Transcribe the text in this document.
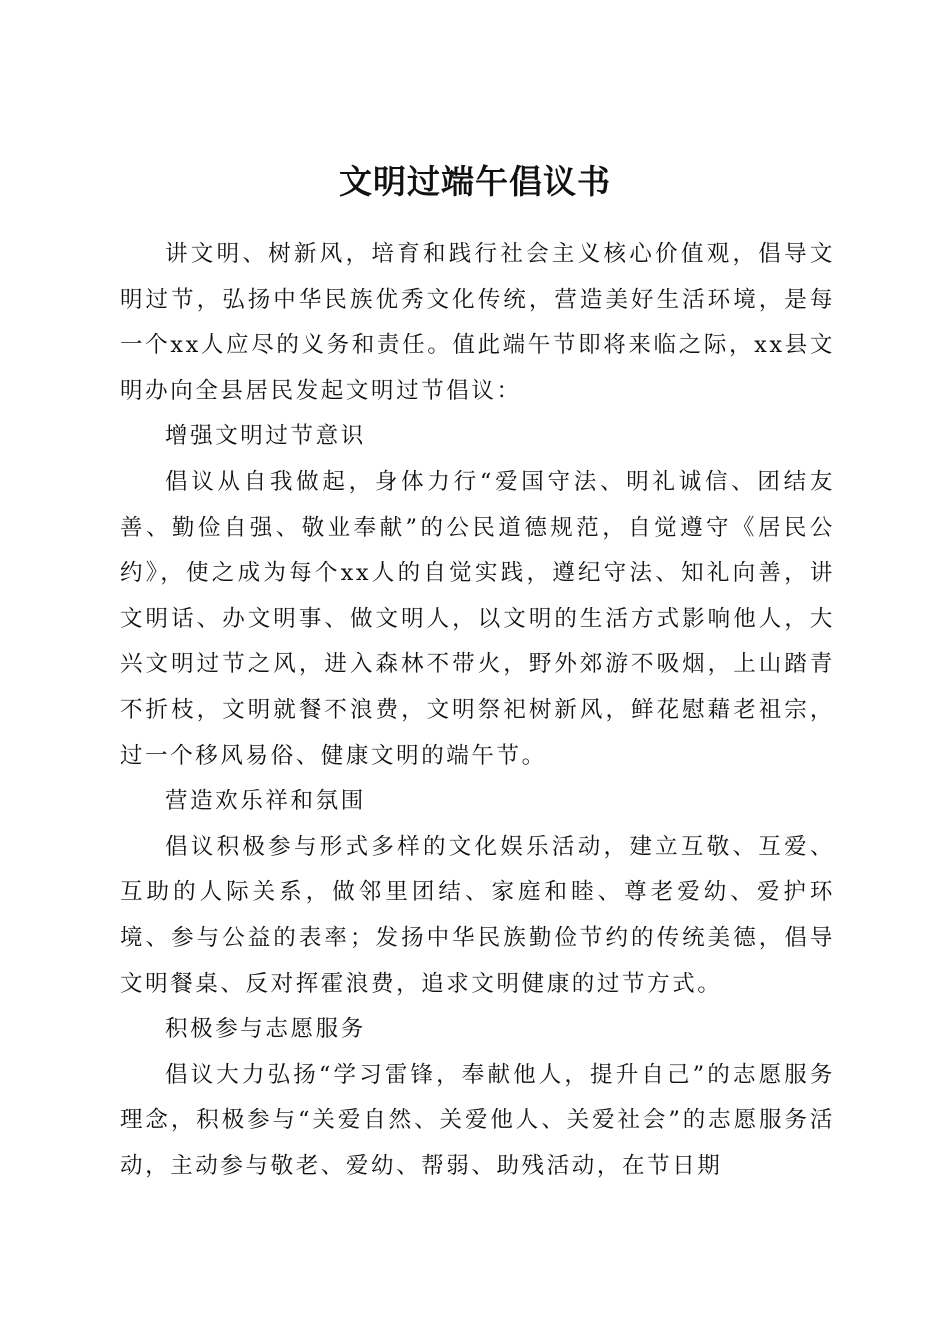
文明过端午倡议书

讲文明、树新风，培育和践行社会主义核心价值观，倡导文明过节，弘扬中华民族优秀文化传统，营造美好生活环境，是每一个xx人应尽的义务和责任。值此端午节即将来临之际，xx县文明办向全县居民发起文明过节倡议：

增强文明过节意识

倡议从自我做起，身体力行“爱国守法、明礼诚信、团结友善、勤俭自强、敬业奉献”的公民道德规范，自觉遵守《居民公约》，使之成为每个xx人的自觉实践，遵纪守法、知礼向善，讲文明话、办文明事、做文明人，以文明的生活方式影响他人，大兴文明过节之风，进入森林不带火，野外郊游不吸烟，上山踏青不折枝，文明就餐不浪费，文明祭祀树新风，鲜花慰藉老祖宗，过一个移风易俗、健康文明的端午节。

营造欢乐祥和氛围

倡议积极参与形式多样的文化娱乐活动，建立互敬、互爱、互助的人际关系，做邻里团结、家庭和睦、尊老爱幼、爱护环境、参与公益的表率；发扬中华民族勤俭节约的传统美德，倡导文明餐桌、反对挥霍浪费，追求文明健康的过节方式。

积极参与志愿服务

倡议大力弘扬“学习雷锋，奉献他人，提升自己”的志愿服务理念，积极参与“关爱自然、关爱他人、关爱社会”的志愿服务活动，主动参与敬老、爱幼、帮弱、助残活动，在节日期
